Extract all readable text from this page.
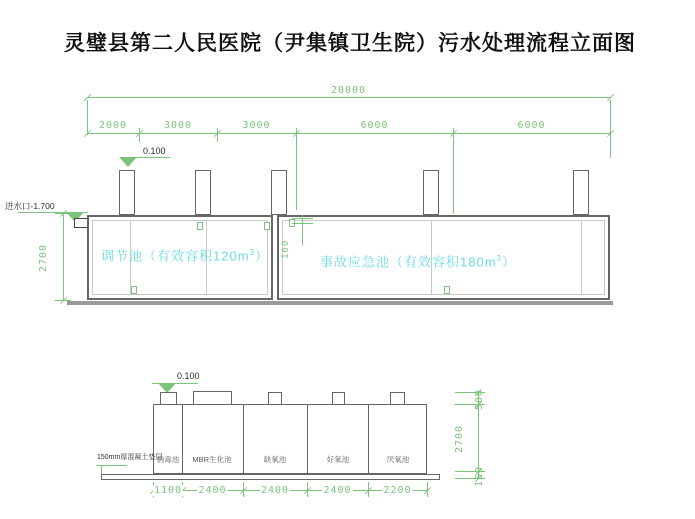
灵璧县第二人民医院（尹集镇卫生院）污水处理流程立面图
20000
2000	3000	3000	6000	6000
0.100
进水口-1.700
2700	100
调节池（有效容积$120m^3$）	事故应急池（有效容积$180m^3$）
0.100
消毒池	MBR生化池	缺氧池	好氧池	厌氧池
150mm厚混凝土垫层
1100	2400	2400	2400	2200
500
2700
150
